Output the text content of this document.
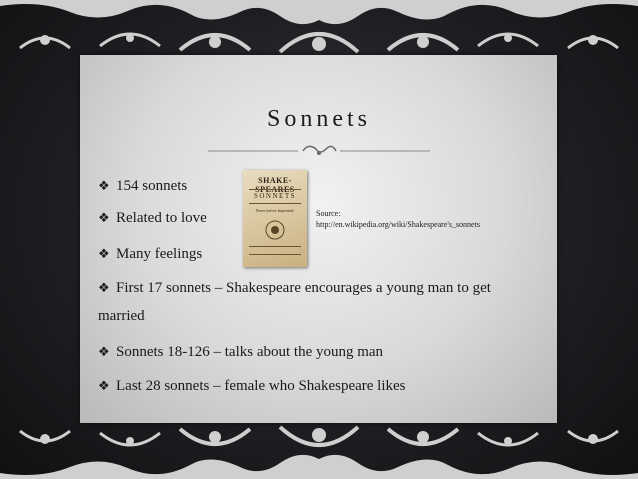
Sonnets
❖ 154 sonnets
❖ Related to love
❖ Many feelings
❖ First 17 sonnets – Shakespeare encourages a young man to get
married
❖ Sonnets 18-126 – talks about the young man
❖ Last 28 sonnets – female who Shakespeare likes
SHAKE-
SONNETS
Neuer before Imprinted.	Source:
http://en.wikipedia.org/wiki/Shakespeare's_sonnets
